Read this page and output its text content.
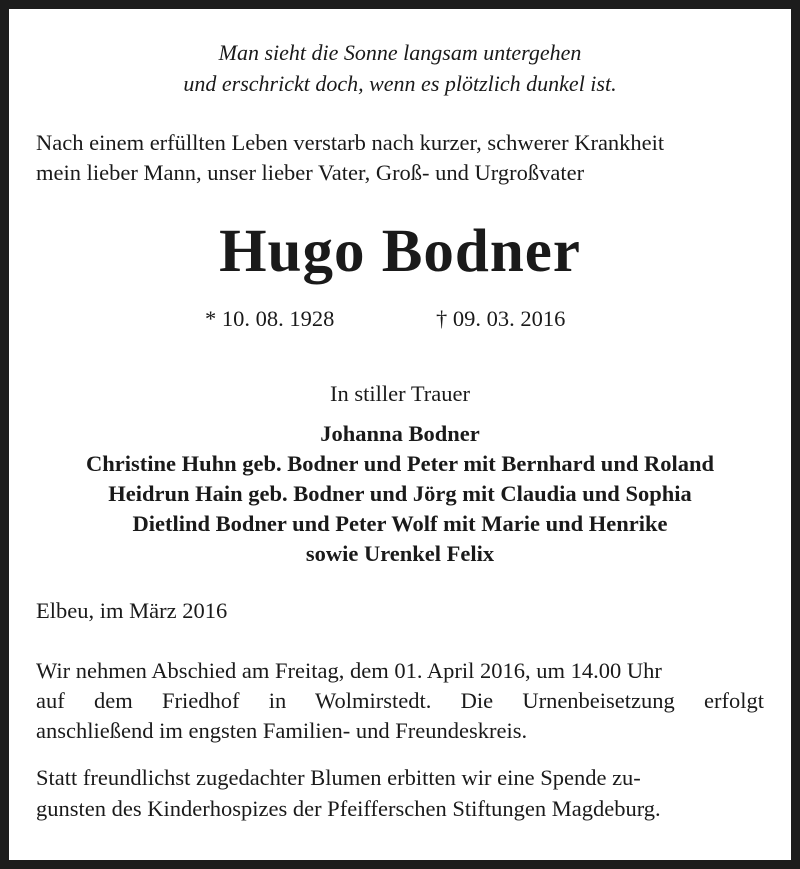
Man sieht die Sonne langsam untergehen
und erschrickt doch, wenn es plötzlich dunkel ist.
Nach einem erfüllten Leben verstarb nach kurzer, schwerer Krankheit
mein lieber Mann, unser lieber Vater, Groß- und Urgroßvater
Hugo Bodner
* 10. 08. 1928	† 09. 03. 2016
In stiller Trauer
Johanna Bodner
Christine Huhn geb. Bodner und Peter mit Bernhard und Roland
Heidrun Hain geb. Bodner und Jörg mit Claudia und Sophia
Dietlind Bodner und Peter Wolf mit Marie und Henrike
sowie Urenkel Felix
Elbeu, im März 2016
Wir nehmen Abschied am Freitag, dem 01. April 2016, um 14.00 Uhr
auf dem Friedhof in Wolmirstedt. Die Urnenbeisetzung erfolgt
anschließend im engsten Familien- und Freundeskreis.
Statt freundlichst zugedachter Blumen erbitten wir eine Spende zu-
gunsten des Kinderhospizes der Pfeifferschen Stiftungen Magdeburg.
